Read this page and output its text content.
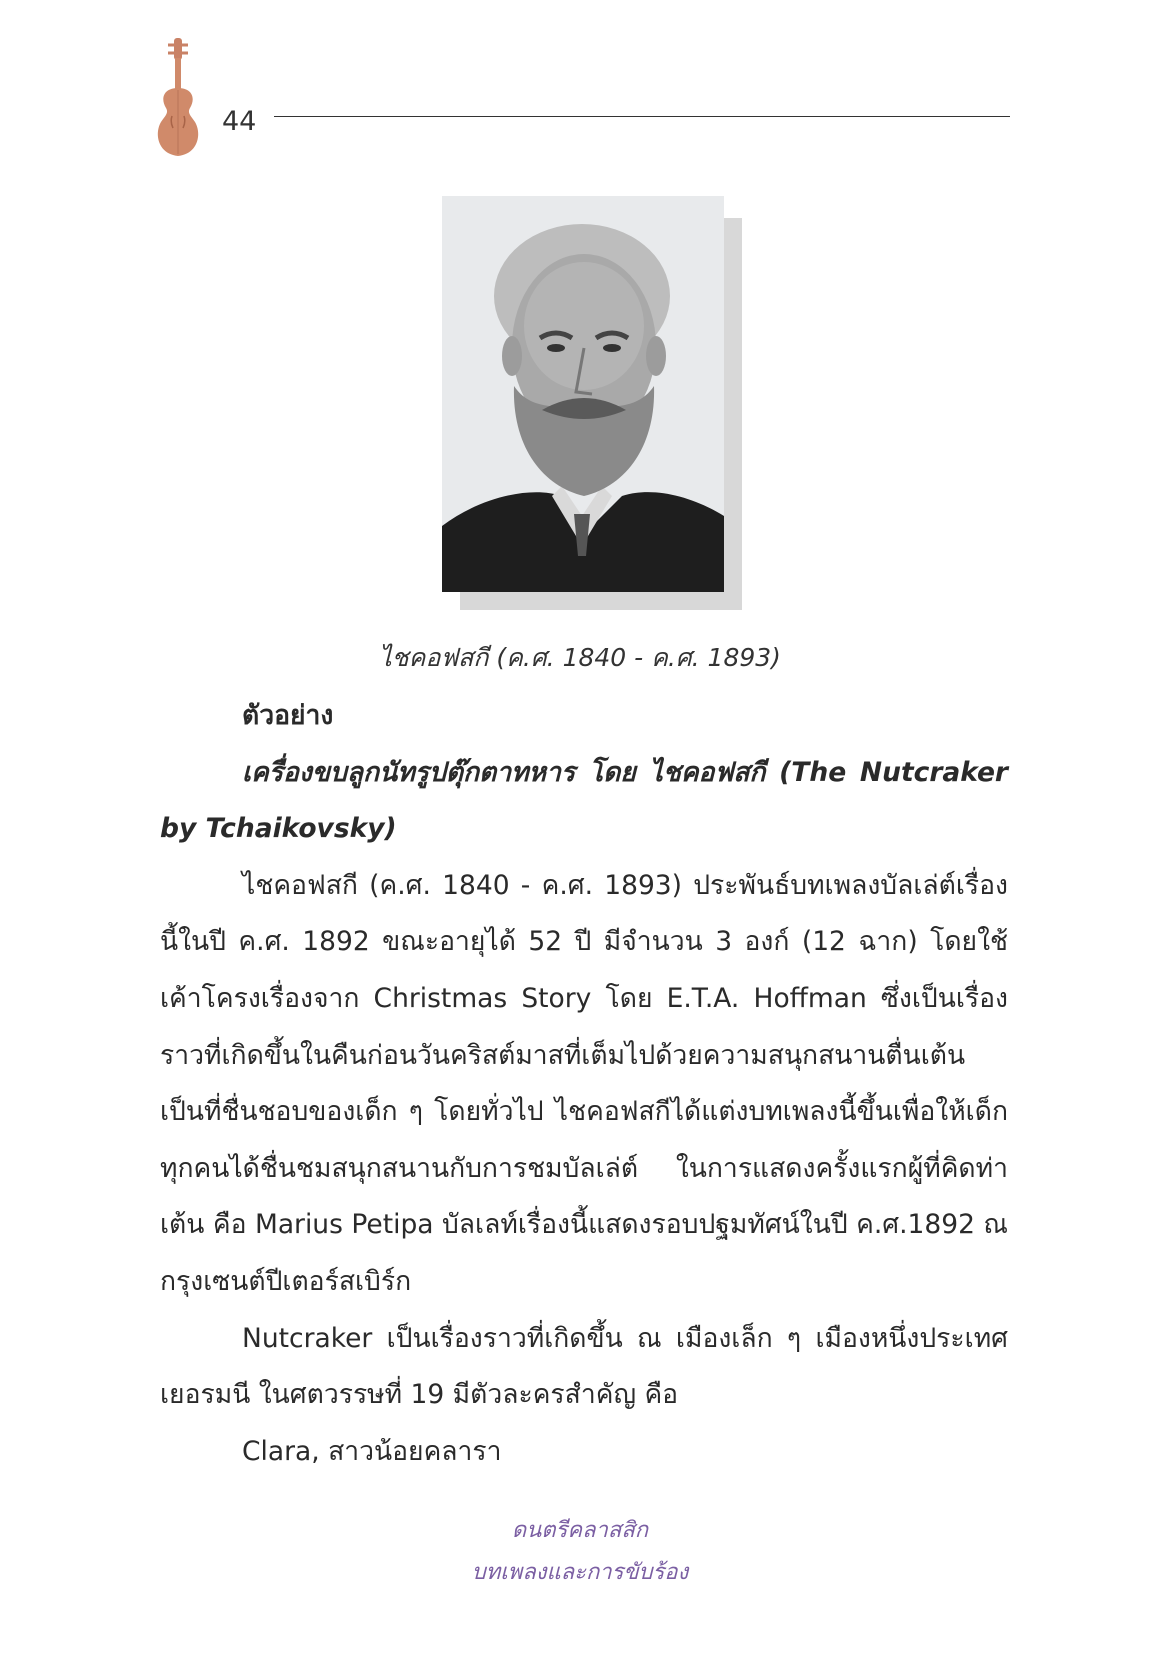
44
ไชคอฟสกี (ค.ศ. 1840 - ค.ศ. 1893)

ตัวอย่าง

เครื่องขบลูกนัทรูปตุ๊กตาทหาร โดย ไชคอฟสกี (The Nutcraker by Tchaikovsky)

ไชคอฟสกี (ค.ศ. 1840 - ค.ศ. 1893) ประพันธ์บทเพลงบัลเล่ต์เรื่องนี้ในปี ค.ศ. 1892 ขณะอายุได้ 52 ปี มีจำนวน 3 องก์ (12 ฉาก) โดยใช้เค้าโครงเรื่องจาก Christmas Story โดย E.T.A. Hoffman ซึ่งเป็นเรื่องราวที่เกิดขึ้นในคืนก่อนวันคริสต์มาสที่เต็มไปด้วยความสนุกสนานตื่นเต้น เป็นที่ชื่นชอบของเด็ก ๆ โดยทั่วไป ไชคอฟสกีได้แต่งบทเพลงนี้ขึ้นเพื่อให้เด็กทุกคนได้ชื่นชมสนุกสนานกับการชมบัลเล่ต์ ในการแสดงครั้งแรกผู้ที่คิดท่าเต้น คือ Marius Petipa บัลเลท์เรื่องนี้แสดงรอบปฐมทัศน์ในปี ค.ศ.1892 ณ กรุงเซนต์ปีเตอร์สเบิร์ก

Nutcraker เป็นเรื่องราวที่เกิดขึ้น ณ เมืองเล็ก ๆ เมืองหนึ่งประเทศเยอรมนี ในศตวรรษที่ 19 มีตัวละครสำคัญ คือ

Clara, สาวน้อยคลารา

ดนตรีคลาสสิก
บทเพลงและการขับร้อง
